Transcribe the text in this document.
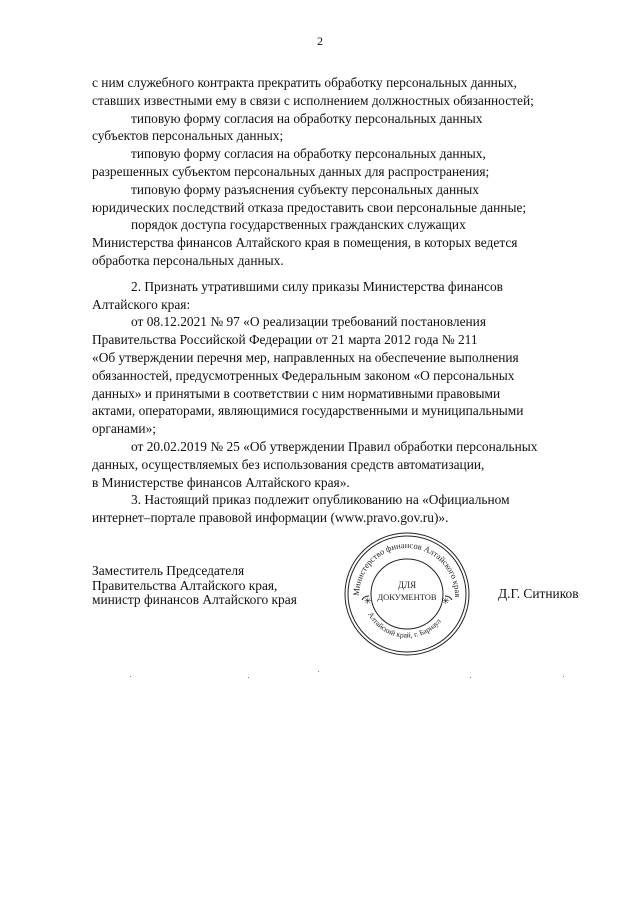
2

с ним служебного контракта прекратить обработку персональных данных,
ставших известными ему в связи с исполнением должностных обязанностей;

типовую форму согласия на обработку персональных данных
субъектов персональных данных;

типовую форму согласия на обработку персональных данных,
разрешенных субъектом персональных данных для распространения;

типовую форму разъяснения субъекту персональных данных
юридических последствий отказа предоставить свои персональные данные;

порядок доступа государственных гражданских служащих
Министерства финансов Алтайского края в помещения, в которых ведется
обработка персональных данных.

2. Признать утратившими силу приказы Министерства финансов
Алтайского края:

от 08.12.2021 № 97 «О реализации требований постановления
Правительства Российской Федерации от 21 марта 2012 года № 211
«Об утверждении перечня мер, направленных на обеспечение выполнения
обязанностей, предусмотренных Федеральным законом «О персональных
данных» и принятыми в соответствии с ним нормативными правовыми
актами, операторами, являющимися государственными и муниципальными
органами»;

от 20.02.2019 № 25 «Об утверждении Правил обработки персональных
данных, осуществляемых без использования средств автоматизации,
в Министерстве финансов Алтайского края».

3. Настоящий приказ подлежит опубликованию на «Официальном
интернет–портале правовой информации (www.pravo.gov.ru)».

Заместитель Председателя
Правительства Алтайского края,
министр финансов Алтайского края	Д.Г. Ситников
Министерство финансов Алтайского края
Алтайский край, г. Барнаул
✳	✳
ДЛЯ
ДОКУМЕНТОВ
